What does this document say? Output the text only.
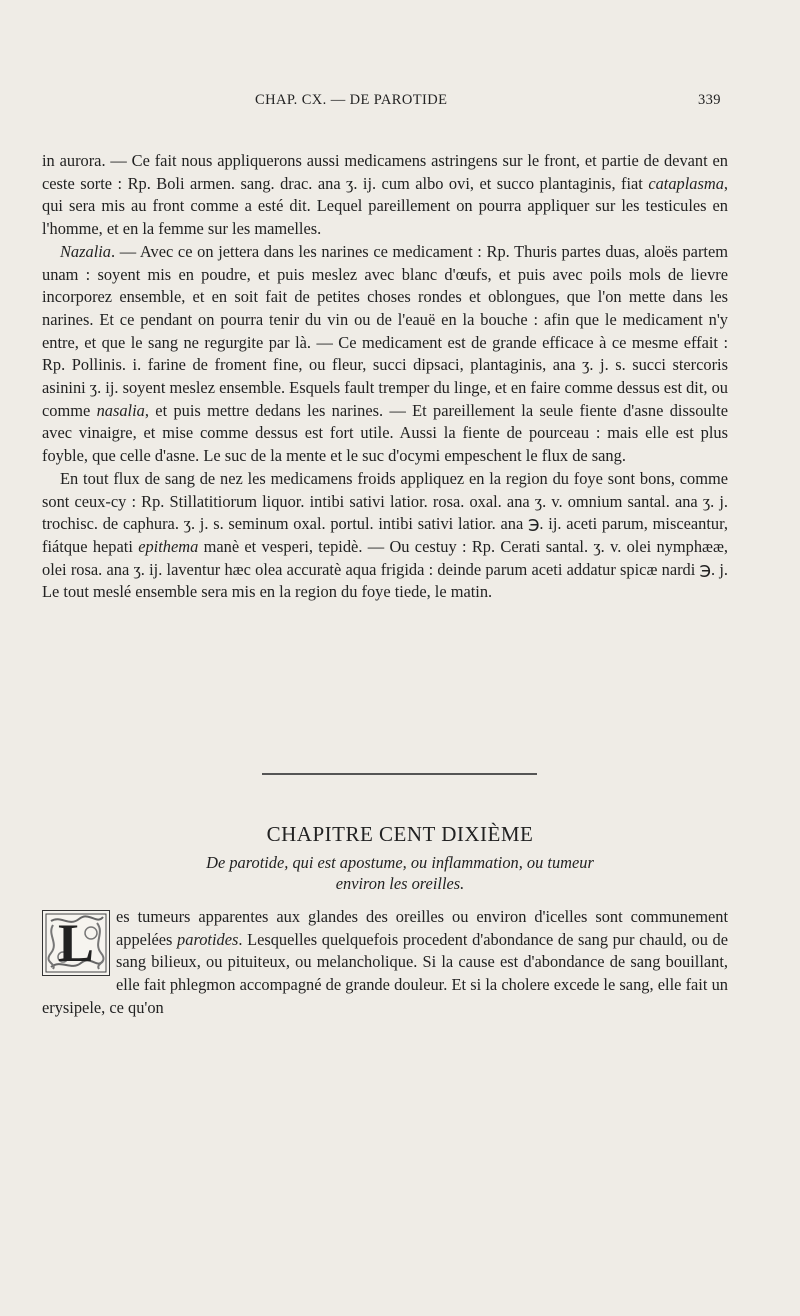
CHAP. CX. — DE PAROTIDE	339

in aurora. — Ce fait nous appliquerons aussi medicamens astringens sur le front, et partie de devant en ceste sorte : Rp. Boli armen. sang. drac. ana ʒ. ij. cum albo ovi, et succo plantaginis, fiat cataplasma, qui sera mis au front comme a esté dit. Lequel pareillement on pourra appliquer sur les testicules en l'homme, et en la femme sur les mamelles.

Nazalia. — Avec ce on jettera dans les narines ce medicament : Rp. Thuris partes duas, aloës partem unam : soyent mis en poudre, et puis meslez avec blanc d'œufs, et puis avec poils mols de lievre incorporez ensemble, et en soit fait de petites choses rondes et oblongues, que l'on mette dans les narines. Et ce pendant on pourra tenir du vin ou de l'eauë en la bouche : afin que le medicament n'y entre, et que le sang ne regurgite par là. — Ce medicament est de grande efficace à ce mesme effait : Rp. Pollinis. i. farine de froment fine, ou fleur, succi dipsaci, plantaginis, ana ʒ. j. s. succi stercoris asinini ʒ. ij. soyent meslez ensemble. Esquels fault tremper du linge, et en faire comme dessus est dit, ou comme nasalia, et puis mettre dedans les narines. — Et pareillement la seule fiente d'asne dissoulte avec vinaigre, et mise comme dessus est fort utile. Aussi la fiente de pourceau : mais elle est plus foyble, que celle d'asne. Le suc de la mente et le suc d'ocymi empeschent le flux de sang.

En tout flux de sang de nez les medicamens froids appliquez en la region du foye sont bons, comme sont ceux-cy : Rp. Stillatitiorum liquor. intibi sativi latior. rosa. oxal. ana ʒ. v. omnium santal. ana ʒ. j. trochisc. de caphura. ʒ. j. s. seminum oxal. portul. intibi sativi latior. ana ℈. ij. aceti parum, misceantur, fiátque hepati epithema manè et vesperi, tepidè. — Ou cestuy : Rp. Cerati santal. ʒ. v. olei nymphææ, olei rosa. ana ʒ. ij. laventur hæc olea accuratè aqua frigida : deinde parum aceti addatur spicæ nardi ℈. j. Le tout meslé ensemble sera mis en la region du foye tiede, le matin.

CHAPITRE CENT DIXIÈME
De parotide, qui est apostume, ou inflammation, ou tumeur
environ les oreilles.
L	es tumeurs apparentes aux glandes des oreilles ou environ d'icelles sont communement appelées parotides. Lesquelles quelquefois procedent d'abondance de sang pur chauld, ou de sang bilieux, ou pituiteux, ou melancholique. Si la cause est d'abondance de sang bouillant, elle fait phlegmon accompagné de grande douleur. Et si la cholere excede le sang, elle fait un erysipele, ce qu'on
